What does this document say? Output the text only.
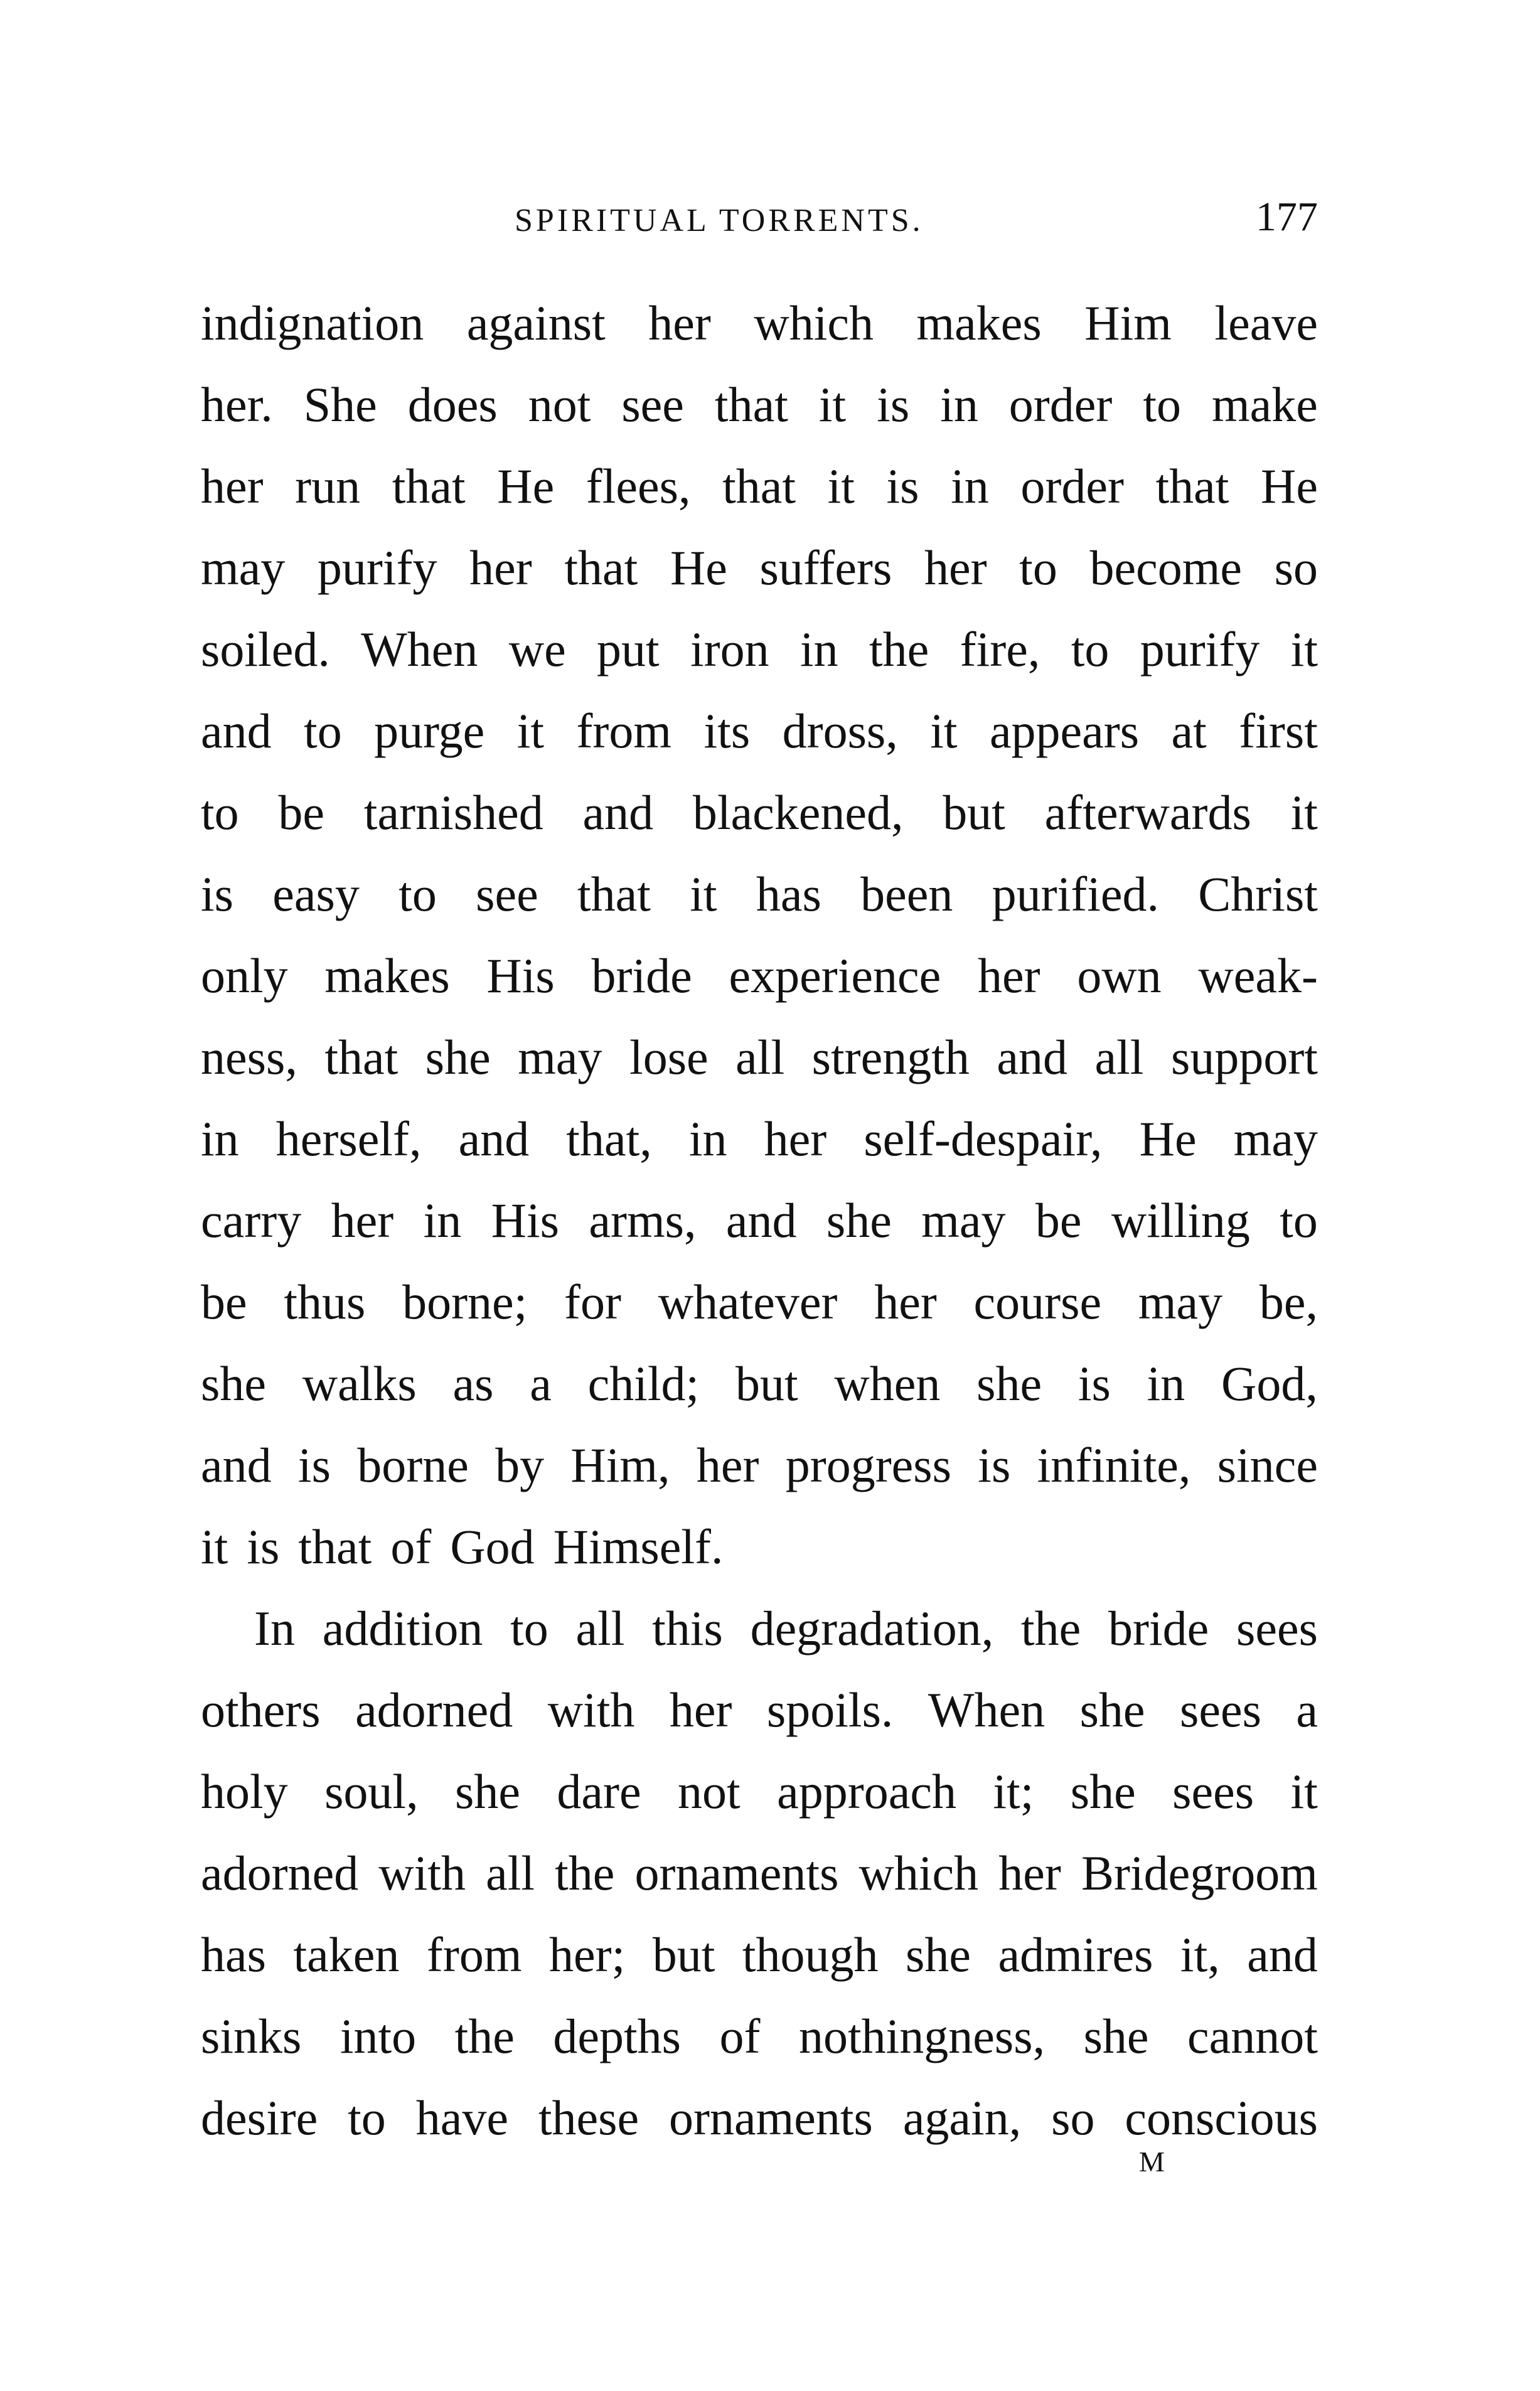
SPIRITUAL TORRENTS.	177
indignation against her which makes Him leave
her. She does not see that it is in order to make
her run that He flees, that it is in order that He
may purify her that He suffers her to become so
soiled. When we put iron in the fire, to purify it
and to purge it from its dross, it appears at first
to be tarnished and blackened, but afterwards it
is easy to see that it has been purified. Christ
only makes His bride experience her own weak-
ness, that she may lose all strength and all support
in herself, and that, in her self-despair, He may
carry her in His arms, and she may be willing to
be thus borne; for whatever her course may be,
she walks as a child; but when she is in God,
and is borne by Him, her progress is infinite, since
it is that of God Himself.
In addition to all this degradation, the bride sees
others adorned with her spoils. When she sees a
holy soul, she dare not approach it; she sees it
adorned with all the ornaments which her Bridegroom
has taken from her; but though she admires it, and
sinks into the depths of nothingness, she cannot
desire to have these ornaments again, so conscious
M
